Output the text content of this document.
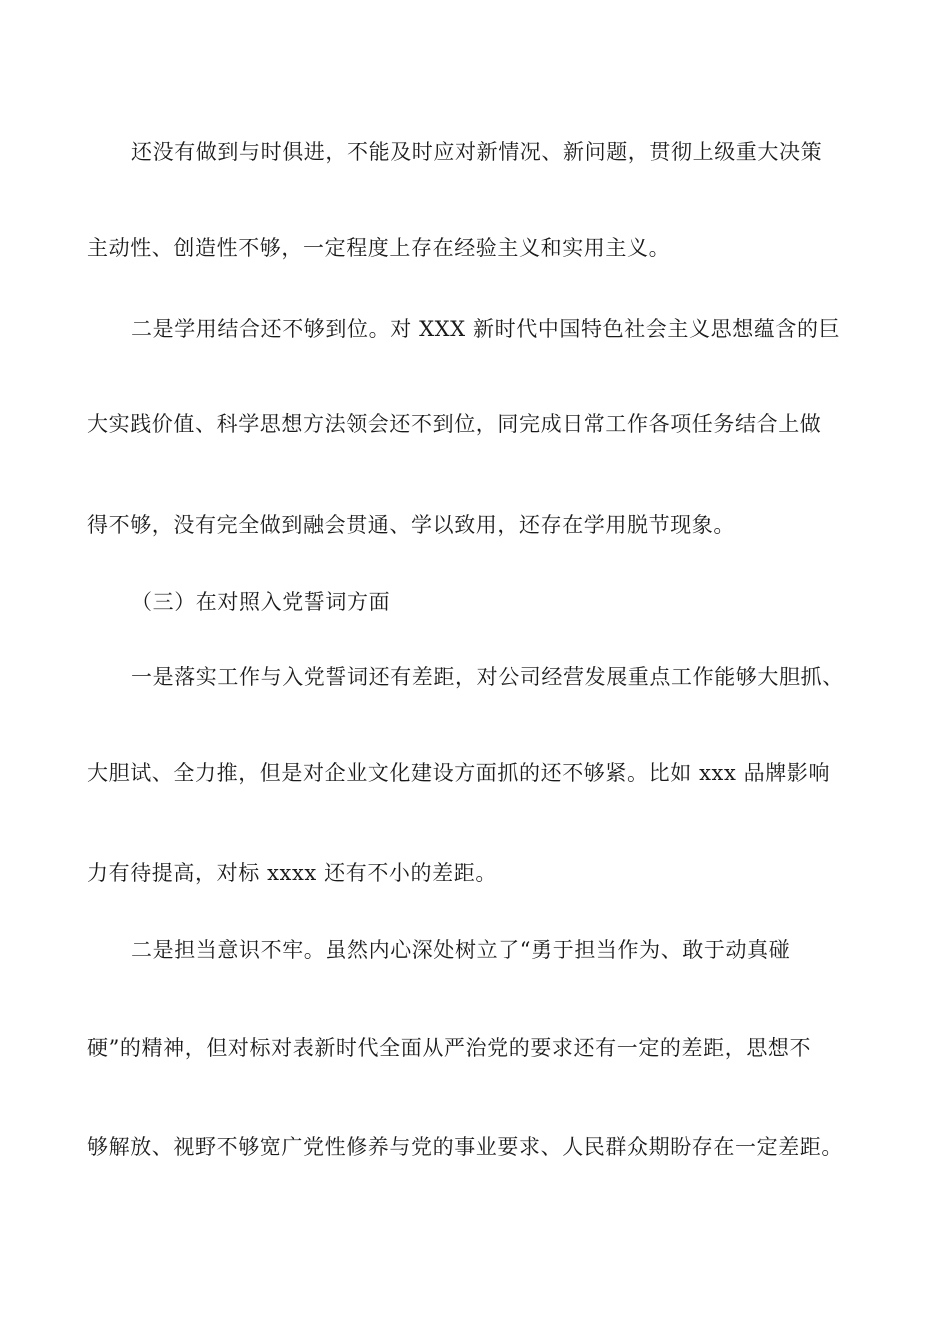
还没有做到与时俱进，不能及时应对新情况、新问题，贯彻上级重大决策
主动性、创造性不够，一定程度上存在经验主义和实用主义。
二是学用结合还不够到位。对 XXX 新时代中国特色社会主义思想蕴含的巨
大实践价值、科学思想方法领会还不到位，同完成日常工作各项任务结合上做
得不够，没有完全做到融会贯通、学以致用，还存在学用脱节现象。
（三）在对照入党誓词方面
一是落实工作与入党誓词还有差距，对公司经营发展重点工作能够大胆抓、
大胆试、全力推，但是对企业文化建设方面抓的还不够紧。比如 xxx 品牌影响
力有待提高，对标 xxxx 还有不小的差距。
二是担当意识不牢。虽然内心深处树立了“勇于担当作为、敢于动真碰
硬”的精神，但对标对表新时代全面从严治党的要求还有一定的差距，思想不
够解放、视野不够宽广党性修养与党的事业要求、人民群众期盼存在一定差距。
